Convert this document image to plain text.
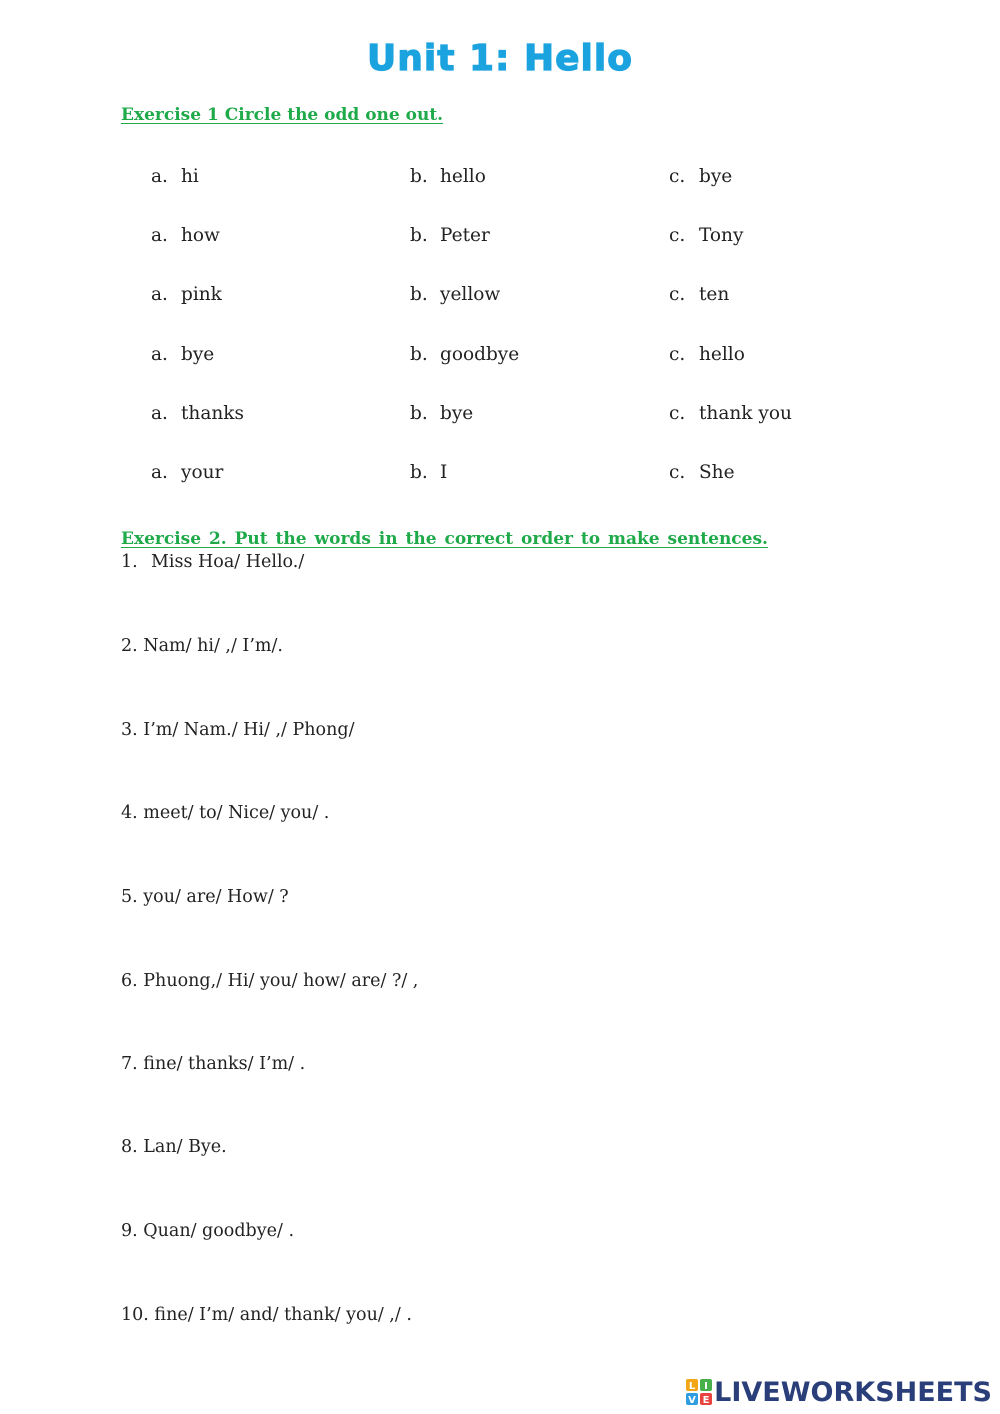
Unit 1: Hello
Exercise 1 Circle the odd one out.
a. hi	b. hello	c. bye
a. how	b. Peter	c. Tony
a. pink	b. yellow	c. ten
a. bye	b. goodbye	c. hello
a. thanks	b. bye	c. thank you
a. your	b. I	c. She
Exercise 2. Put the words in the correct order to make sentences.
1. Miss Hoa/ Hello./
2. Nam/ hi/ ,/ I’m/.
3. I’m/ Nam./ Hi/ ,/ Phong/
4. meet/ to/ Nice/ you/ .
5. you/ are/ How/ ?
6. Phuong,/ Hi/ you/ how/ are/ ?/ ,
7. fine/ thanks/ I’m/ .
8. Lan/ Bye.
9. Quan/ goodbye/ .
10. fine/ I’m/ and/ thank/ you/ ,/ .
L I
V E LIVEWORKSHEETS
